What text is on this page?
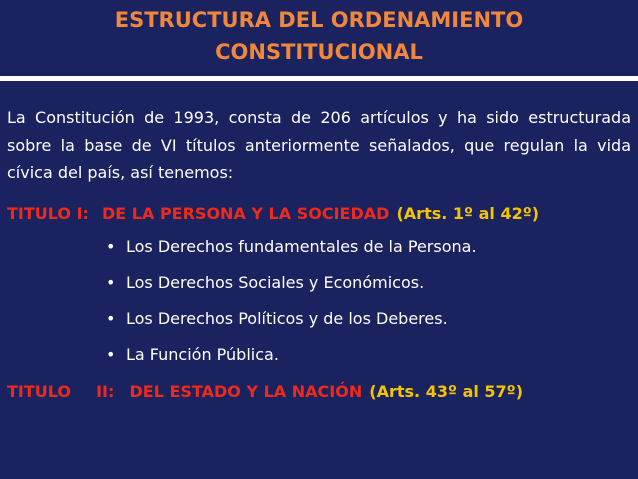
ESTRUCTURA DEL ORDENAMIENTO
CONSTITUCIONAL
La Constitución de 1993, consta de 206 artículos y ha sido estructurada sobre la base de VI títulos anteriormente señalados, que regulan la vida cívica del país, así tenemos:
TITULO I: DE LA PERSONA Y LA SOCIEDAD (Arts. 1º al 42º)
• Los Derechos fundamentales de la Persona.
• Los Derechos Sociales y Económicos.
• Los Derechos Políticos y de los Deberes.
• La Función Pública.
TITULO II: DEL ESTADO Y LA NACIÓN (Arts. 43º al 57º)
